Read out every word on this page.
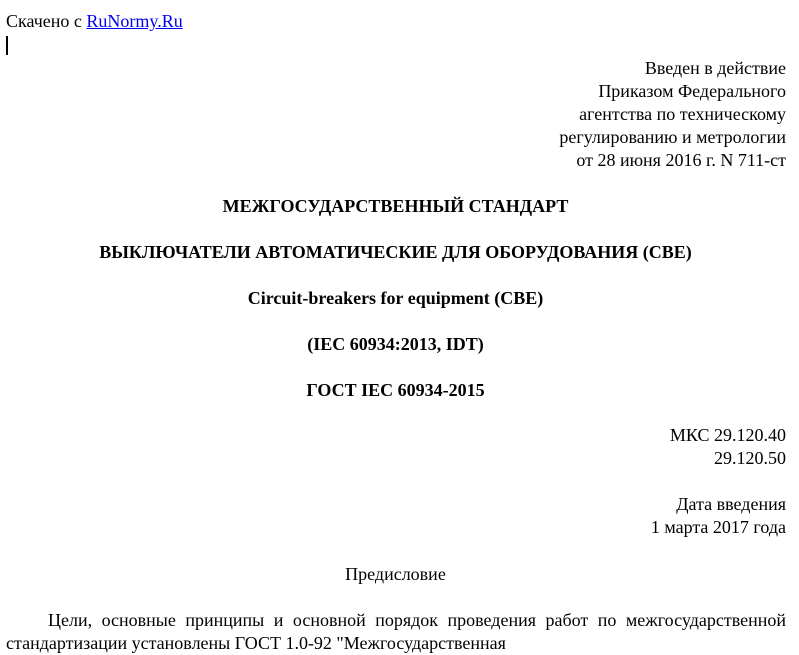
Скачено с RuNormy.Ru
Введен в действие
Приказом Федерального
агентства по техническому
регулированию и метрологии
от 28 июня 2016 г. N 711-ст
МЕЖГОСУДАРСТВЕННЫЙ СТАНДАРТ
ВЫКЛЮЧАТЕЛИ АВТОМАТИЧЕСКИЕ ДЛЯ ОБОРУДОВАНИЯ (СВЕ)
Circuit-breakers for equipment (CBE)
(IEC 60934:2013, IDT)
ГОСТ IEC 60934-2015
МКС 29.120.40
29.120.50
Дата введения
1 марта 2017 года
Предисловие
Цели, основные принципы и основной порядок проведения работ по межгосударственной стандартизации установлены ГОСТ 1.0-92 "Межгосударственная
